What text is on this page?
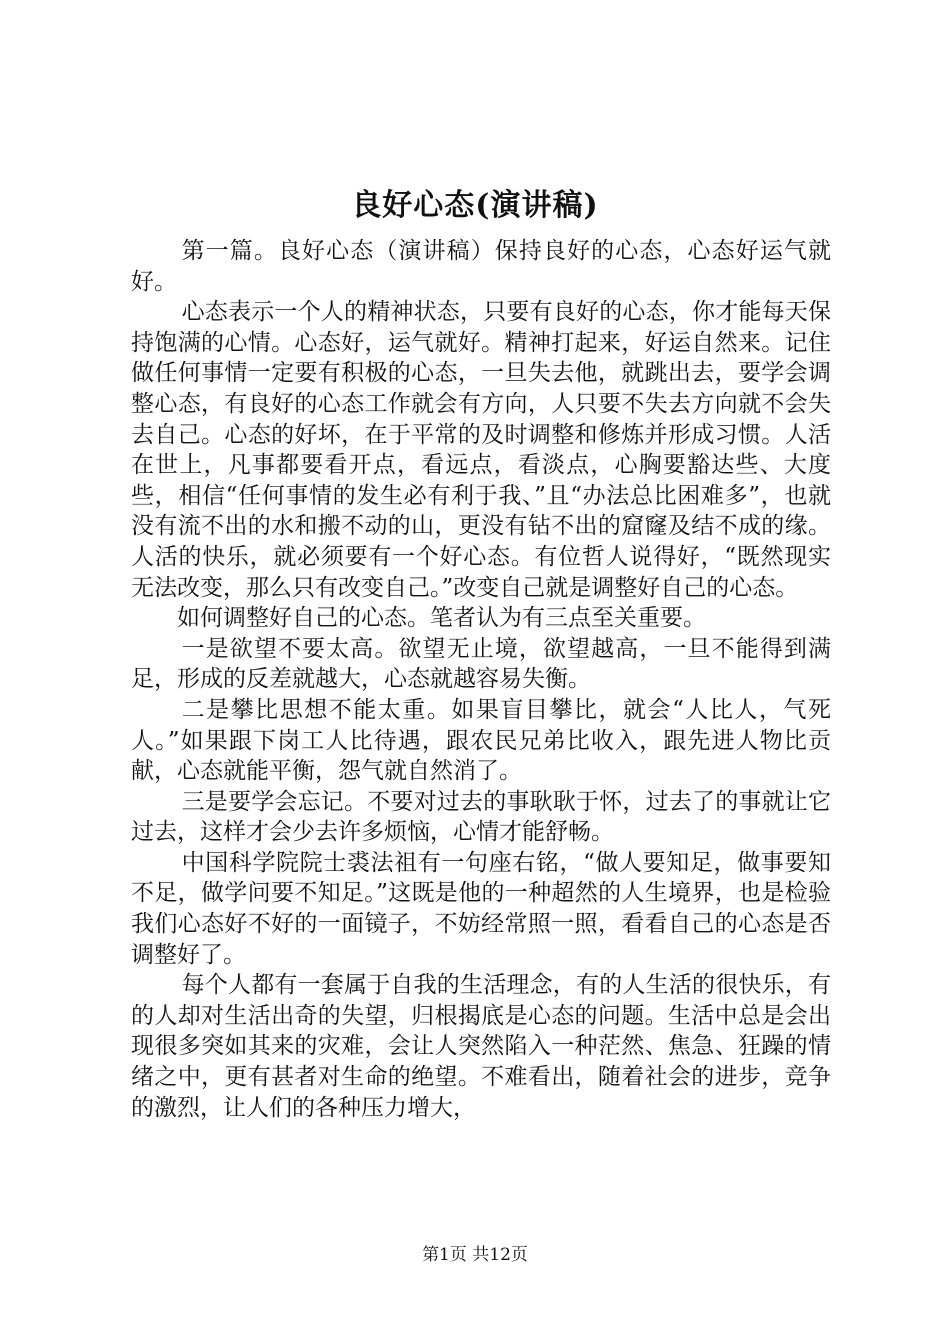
良好心态(演讲稿)

第一篇。良好心态（演讲稿）保持良好的心态，心态好运气就好。

心态表示一个人的精神状态，只要有良好的心态，你才能每天保持饱满的心情。心态好，运气就好。精神打起来，好运自然来。记住做任何事情一定要有积极的心态，一旦失去他，就跳出去，要学会调整心态，有良好的心态工作就会有方向，人只要不失去方向就不会失去自己。心态的好坏，在于平常的及时调整和修炼并形成习惯。人活在世上，凡事都要看开点，看远点，看淡点，心胸要豁达些、大度些，相信“任何事情的发生必有利于我、”且“办法总比困难多”，也就没有流不出的水和搬不动的山，更没有钻不出的窟窿及结不成的缘。人活的快乐，就必须要有一个好心态。有位哲人说得好，“既然现实无法改变，那么只有改变自己。”改变自己就是调整好自己的心态。

如何调整好自己的心态。笔者认为有三点至关重要。

一是欲望不要太高。欲望无止境，欲望越高，一旦不能得到满足，形成的反差就越大，心态就越容易失衡。

二是攀比思想不能太重。如果盲目攀比，就会“人比人，气死人。”如果跟下岗工人比待遇，跟农民兄弟比收入，跟先进人物比贡献，心态就能平衡，怨气就自然消了。

三是要学会忘记。不要对过去的事耿耿于怀，过去了的事就让它过去，这样才会少去许多烦恼，心情才能舒畅。

中国科学院院士裘法祖有一句座右铭，“做人要知足，做事要知不足，做学问要不知足。”这既是他的一种超然的人生境界，也是检验我们心态好不好的一面镜子，不妨经常照一照，看看自己的心态是否调整好了。

每个人都有一套属于自我的生活理念，有的人生活的很快乐，有的人却对生活出奇的失望，归根揭底是心态的问题。生活中总是会出现很多突如其来的灾难，会让人突然陷入一种茫然、焦急、狂躁的情绪之中，更有甚者对生命的绝望。不难看出，随着社会的进步，竞争的激烈，让人们的各种压力增大，

第1页 共12页
